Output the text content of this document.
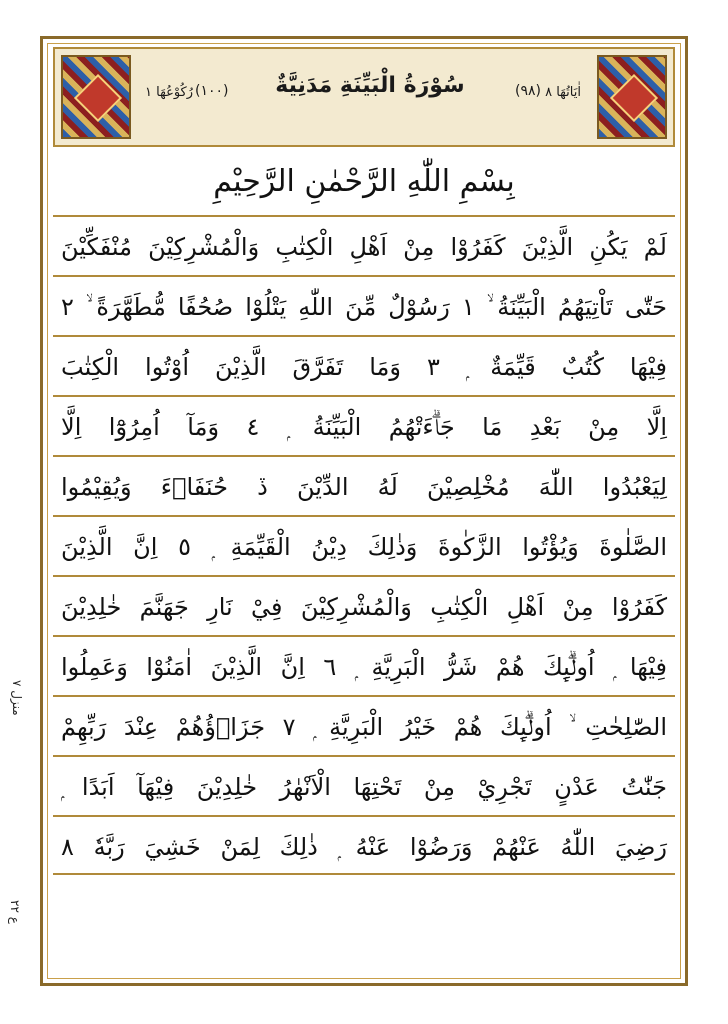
رُكُوْعُهَا ١ (١٠٠)	سُوْرَةُ الْبَيِّنَةِ مَدَنِيَّةٌ	(٩٨) اٰيَاتُهَا ٨
بِسْمِ اللّٰهِ الرَّحْمٰنِ الرَّحِيْمِ
لَمْ يَكُنِ الَّذِيْنَ كَفَرُوْا مِنْ اَهْلِ الْكِتٰبِ وَالْمُشْرِكِيْنَ مُنْفَكِّيْنَ
حَتّٰى تَاْتِيَهُمُ الْبَيِّنَةُ ۙ ١ رَسُوْلٌ مِّنَ اللّٰهِ يَتْلُوْا صُحُفًا مُّطَهَّرَةً ۙ ٢
فِيْهَا كُتُبٌ قَيِّمَةٌ ۭ ٣ وَمَا تَفَرَّقَ الَّذِيْنَ اُوْتُوا الْكِتٰبَ
اِلَّا مِنْ بَعْدِ مَا جَاۗءَتْهُمُ الْبَيِّنَةُ ۭ ٤ وَمَآ اُمِرُوْٓا اِلَّا
لِيَعْبُدُوا اللّٰهَ مُخْلِصِيْنَ لَهُ الدِّيْنَ ڏ حُنَفَاۗءَ وَيُقِيْمُوا
الصَّلٰوةَ وَيُؤْتُوا الزَّكٰوةَ وَذٰلِكَ دِيْنُ الْقَيِّمَةِ ۭ ٥ اِنَّ الَّذِيْنَ
كَفَرُوْا مِنْ اَهْلِ الْكِتٰبِ وَالْمُشْرِكِيْنَ فِيْ نَارِ جَهَنَّمَ خٰلِدِيْنَ
فِيْهَا ۭ اُولٰۗىِٕكَ هُمْ شَرُّ الْبَرِيَّةِ ۭ ٦ اِنَّ الَّذِيْنَ اٰمَنُوْا وَعَمِلُوا
الصّٰلِحٰتِ ۙ اُولٰۗىِٕكَ هُمْ خَيْرُ الْبَرِيَّةِ ۭ ٧ جَزَاۗؤُهُمْ عِنْدَ رَبِّهِمْ
جَنّٰتُ عَدْنٍ تَجْرِيْ مِنْ تَحْتِهَا الْاَنْهٰرُ خٰلِدِيْنَ فِيْهَآ اَبَدًا ۭ
رَضِيَ اللّٰهُ عَنْهُمْ وَرَضُوْا عَنْهُ ۭ ذٰلِكَ لِمَنْ خَشِيَ رَبَّهٗ ٨
منزل ٧
ع ٢٢
